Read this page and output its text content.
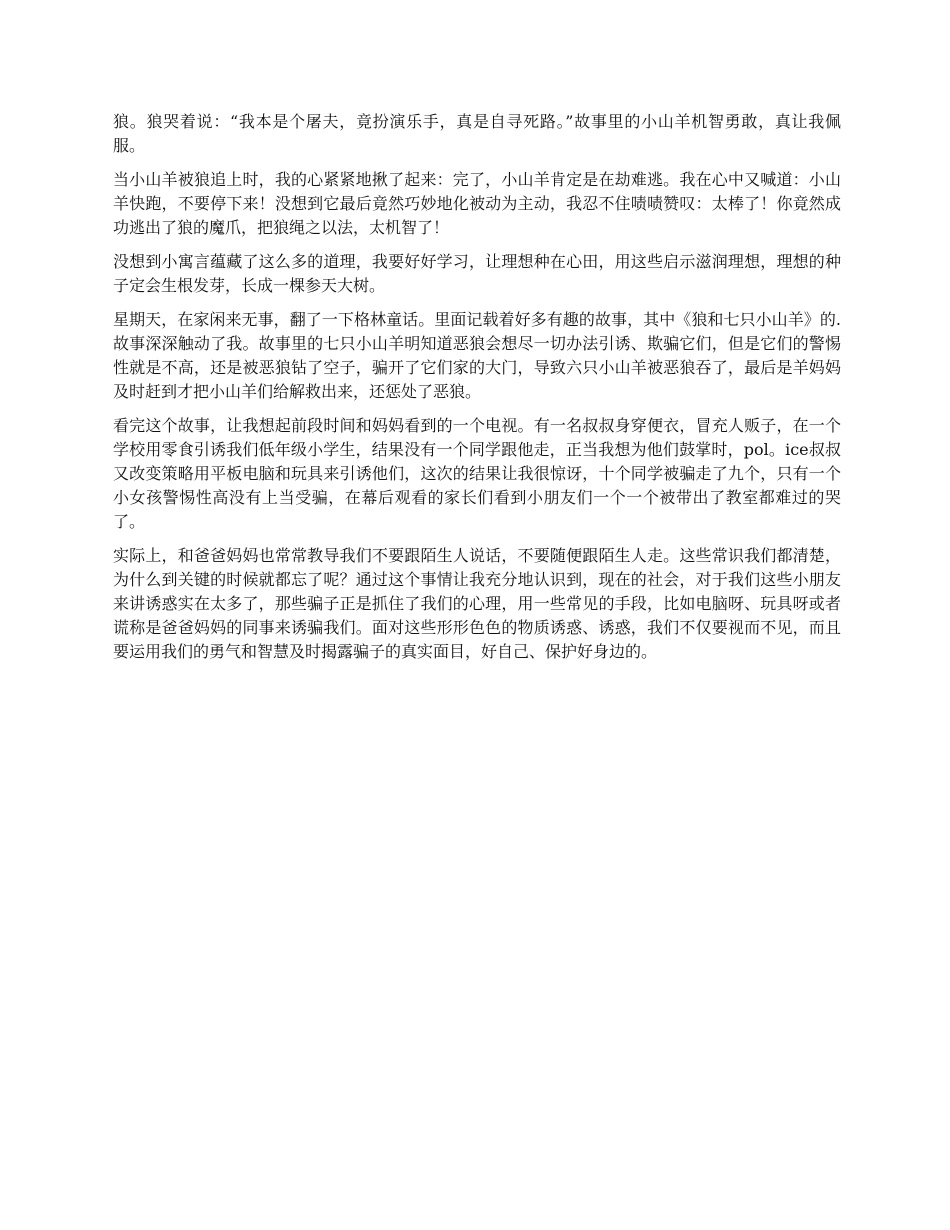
狼。狼哭着说：“我本是个屠夫，竟扮演乐手，真是自寻死路。”故事里的小山羊机智勇敢，真让我佩服。

当小山羊被狼追上时，我的心紧紧地揪了起来：完了，小山羊肯定是在劫难逃。我在心中又喊道：小山羊快跑，不要停下来！没想到它最后竟然巧妙地化被动为主动，我忍不住啧啧赞叹：太棒了！你竟然成功逃出了狼的魔爪，把狼绳之以法，太机智了！

没想到小寓言蕴藏了这么多的道理，我要好好学习，让理想种在心田，用这些启示滋润理想，理想的种子定会生根发芽，长成一棵参天大树。

星期天，在家闲来无事，翻了一下格林童话。里面记载着好多有趣的故事，其中《狼和七只小山羊》的.故事深深触动了我。故事里的七只小山羊明知道恶狼会想尽一切办法引诱、欺骗它们，但是它们的警惕性就是不高，还是被恶狼钻了空子，骗开了它们家的大门，导致六只小山羊被恶狼吞了，最后是羊妈妈及时赶到才把小山羊们给解救出来，还惩处了恶狼。

看完这个故事，让我想起前段时间和妈妈看到的一个电视。有一名叔叔身穿便衣，冒充人贩子，在一个学校用零食引诱我们低年级小学生，结果没有一个同学跟他走，正当我想为他们鼓掌时，pol。ice叔叔又改变策略用平板电脑和玩具来引诱他们，这次的结果让我很惊讶，十个同学被骗走了九个，只有一个小女孩警惕性高没有上当受骗，在幕后观看的家长们看到小朋友们一个一个被带出了教室都难过的哭了。

实际上，和爸爸妈妈也常常教导我们不要跟陌生人说话，不要随便跟陌生人走。这些常识我们都清楚，为什么到关键的时候就都忘了呢？通过这个事情让我充分地认识到，现在的社会，对于我们这些小朋友来讲诱惑实在太多了，那些骗子正是抓住了我们的心理，用一些常见的手段，比如电脑呀、玩具呀或者谎称是爸爸妈妈的同事来诱骗我们。面对这些形形色色的物质诱惑、诱惑，我们不仅要视而不见，而且要运用我们的勇气和智慧及时揭露骗子的真实面目，好自己、保护好身边的。
